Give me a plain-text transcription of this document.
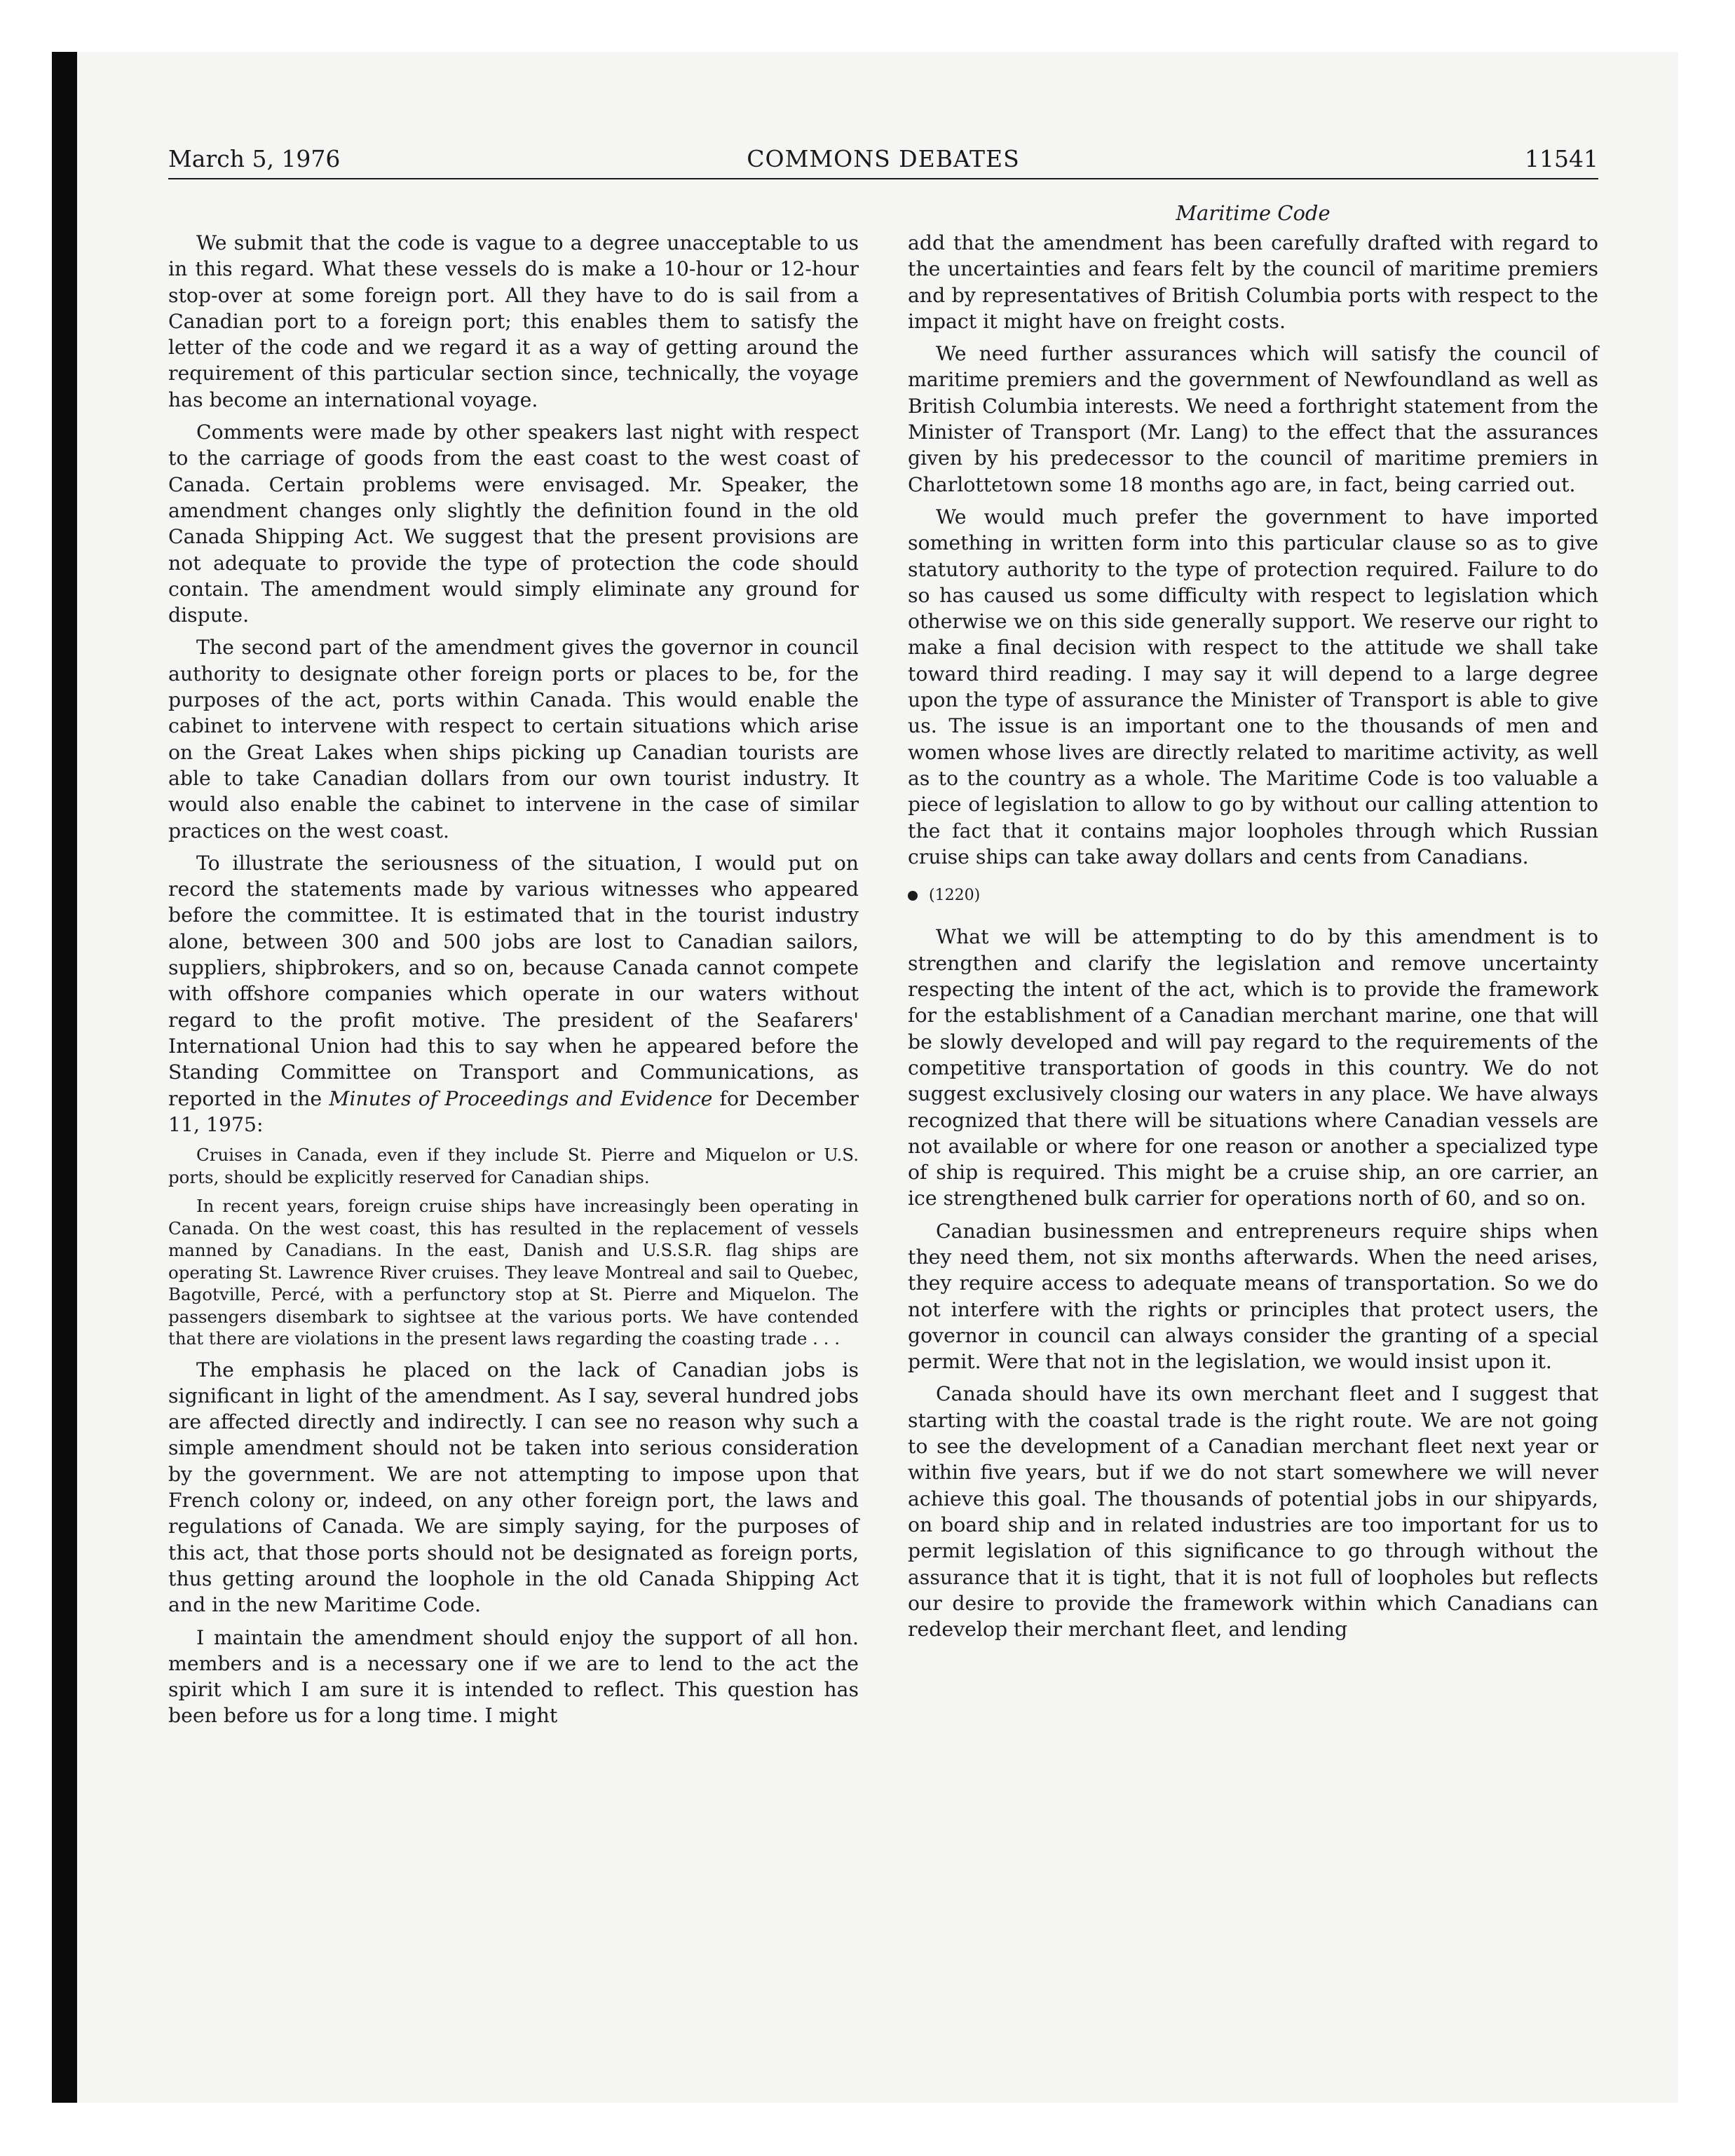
March 5, 1976	COMMONS DEBATES	11541

We submit that the code is vague to a degree unacceptable to us in this regard. What these vessels do is make a 10-hour or 12-hour stop-over at some foreign port. All they have to do is sail from a Canadian port to a foreign port; this enables them to satisfy the letter of the code and we regard it as a way of getting around the requirement of this particular section since, technically, the voyage has become an international voyage.

Comments were made by other speakers last night with respect to the carriage of goods from the east coast to the west coast of Canada. Certain problems were envisaged. Mr. Speaker, the amendment changes only slightly the definition found in the old Canada Shipping Act. We suggest that the present provisions are not adequate to provide the type of protection the code should contain. The amendment would simply eliminate any ground for dispute.

The second part of the amendment gives the governor in council authority to designate other foreign ports or places to be, for the purposes of the act, ports within Canada. This would enable the cabinet to intervene with respect to certain situations which arise on the Great Lakes when ships picking up Canadian tourists are able to take Canadian dollars from our own tourist industry. It would also enable the cabinet to intervene in the case of similar practices on the west coast.

To illustrate the seriousness of the situation, I would put on record the statements made by various witnesses who appeared before the committee. It is estimated that in the tourist industry alone, between 300 and 500 jobs are lost to Canadian sailors, suppliers, shipbrokers, and so on, because Canada cannot compete with offshore companies which operate in our waters without regard to the profit motive. The president of the Seafarers' International Union had this to say when he appeared before the Standing Committee on Transport and Communications, as reported in the Minutes of Proceedings and Evidence for December 11, 1975:

Cruises in Canada, even if they include St. Pierre and Miquelon or U.S. ports, should be explicitly reserved for Canadian ships.

In recent years, foreign cruise ships have increasingly been operating in Canada. On the west coast, this has resulted in the replacement of vessels manned by Canadians. In the east, Danish and U.S.S.R. flag ships are operating St. Lawrence River cruises. They leave Montreal and sail to Quebec, Bagotville, Percé, with a perfunctory stop at St. Pierre and Miquelon. The passengers disembark to sightsee at the various ports. We have contended that there are violations in the present laws regarding the coasting trade . . .

The emphasis he placed on the lack of Canadian jobs is significant in light of the amendment. As I say, several hundred jobs are affected directly and indirectly. I can see no reason why such a simple amendment should not be taken into serious consideration by the government. We are not attempting to impose upon that French colony or, indeed, on any other foreign port, the laws and regulations of Canada. We are simply saying, for the purposes of this act, that those ports should not be designated as foreign ports, thus getting around the loophole in the old Canada Shipping Act and in the new Maritime Code.

I maintain the amendment should enjoy the support of all hon. members and is a necessary one if we are to lend to the act the spirit which I am sure it is intended to reflect. This question has been before us for a long time. I might

Maritime Code

add that the amendment has been carefully drafted with regard to the uncertainties and fears felt by the council of maritime premiers and by representatives of British Columbia ports with respect to the impact it might have on freight costs.

We need further assurances which will satisfy the council of maritime premiers and the government of Newfoundland as well as British Columbia interests. We need a forthright statement from the Minister of Transport (Mr. Lang) to the effect that the assurances given by his predecessor to the council of maritime premiers in Charlottetown some 18 months ago are, in fact, being carried out.

We would much prefer the government to have imported something in written form into this particular clause so as to give statutory authority to the type of protection required. Failure to do so has caused us some difficulty with respect to legislation which otherwise we on this side generally support. We reserve our right to make a final decision with respect to the attitude we shall take toward third reading. I may say it will depend to a large degree upon the type of assurance the Minister of Transport is able to give us. The issue is an important one to the thousands of men and women whose lives are directly related to maritime activity, as well as to the country as a whole. The Maritime Code is too valuable a piece of legislation to allow to go by without our calling attention to the fact that it contains major loopholes through which Russian cruise ships can take away dollars and cents from Canadians.

(1220)

What we will be attempting to do by this amendment is to strengthen and clarify the legislation and remove uncertainty respecting the intent of the act, which is to provide the framework for the establishment of a Canadian merchant marine, one that will be slowly developed and will pay regard to the requirements of the competitive transportation of goods in this country. We do not suggest exclusively closing our waters in any place. We have always recognized that there will be situations where Canadian vessels are not available or where for one reason or another a specialized type of ship is required. This might be a cruise ship, an ore carrier, an ice strengthened bulk carrier for operations north of 60, and so on.

Canadian businessmen and entrepreneurs require ships when they need them, not six months afterwards. When the need arises, they require access to adequate means of transportation. So we do not interfere with the rights or principles that protect users, the governor in council can always consider the granting of a special permit. Were that not in the legislation, we would insist upon it.

Canada should have its own merchant fleet and I suggest that starting with the coastal trade is the right route. We are not going to see the development of a Canadian merchant fleet next year or within five years, but if we do not start somewhere we will never achieve this goal. The thousands of potential jobs in our shipyards, on board ship and in related industries are too important for us to permit legislation of this significance to go through without the assurance that it is tight, that it is not full of loopholes but reflects our desire to provide the framework within which Canadians can redevelop their merchant fleet, and lending
